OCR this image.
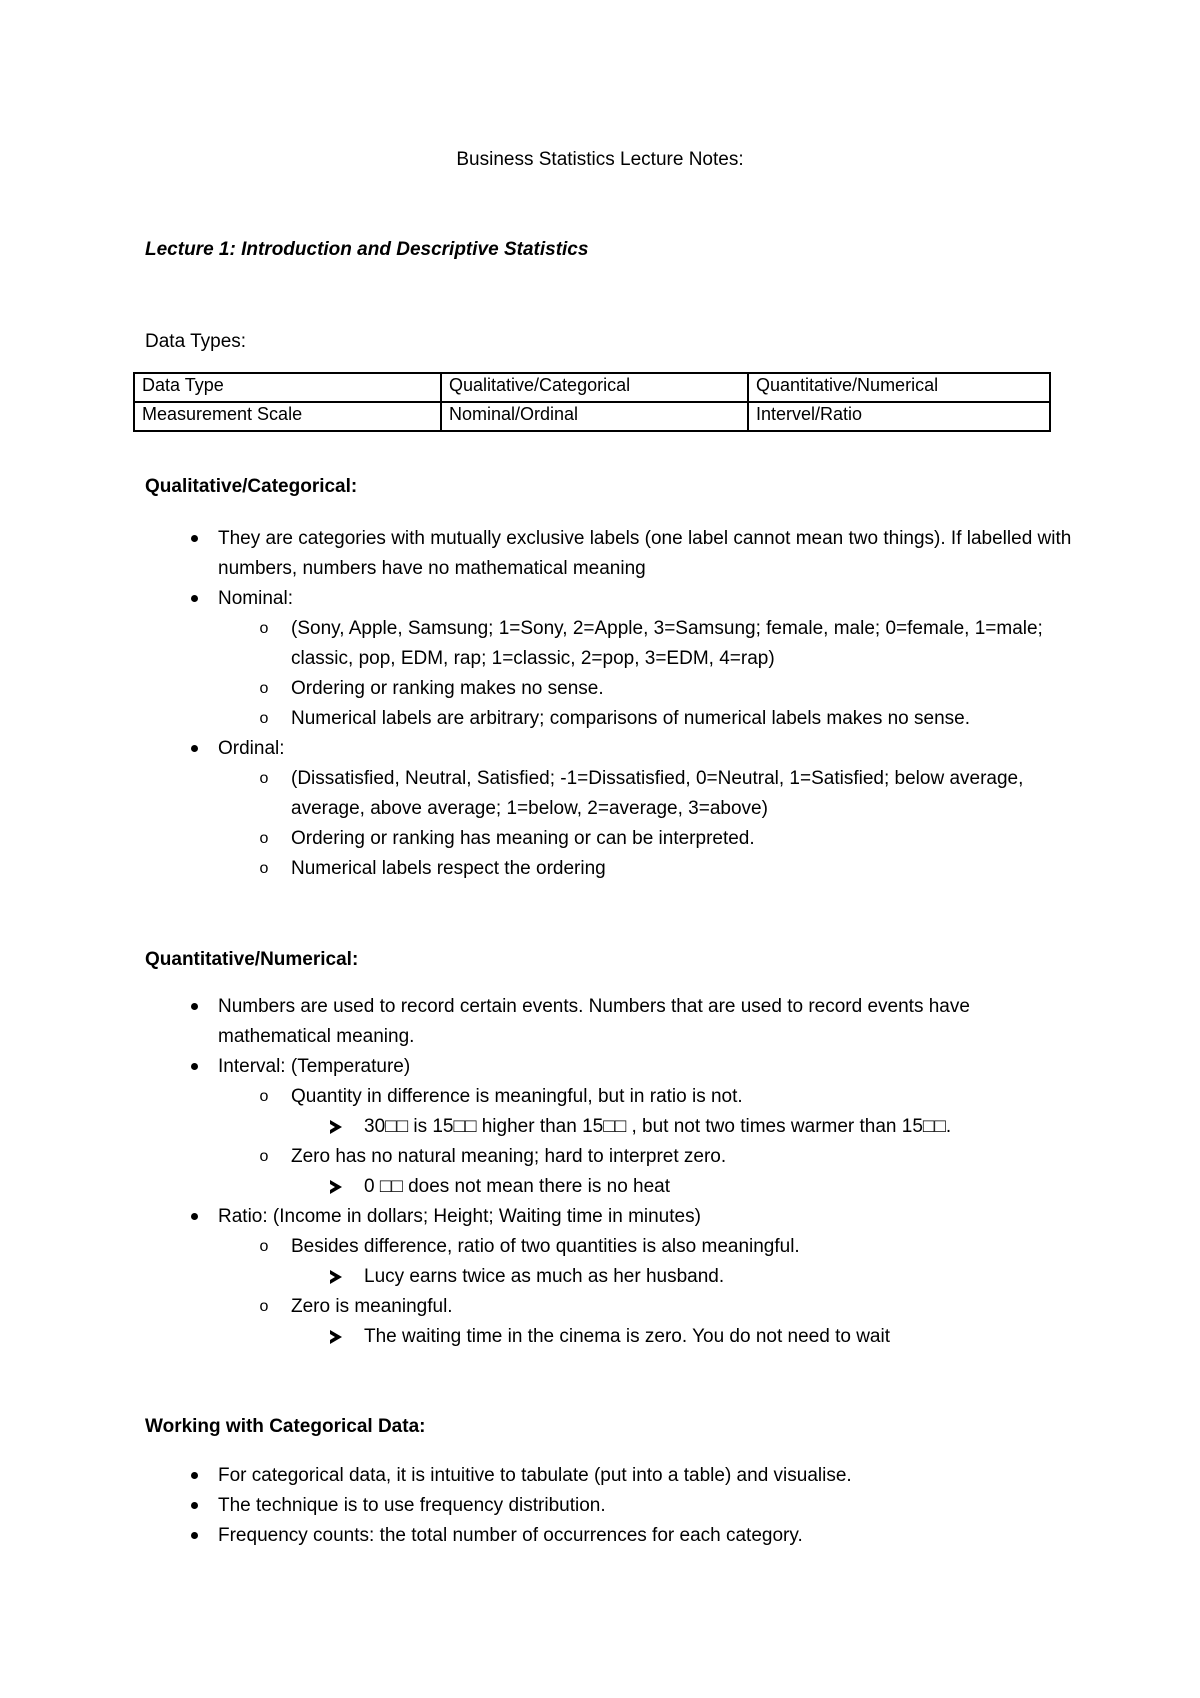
Business Statistics Lecture Notes:
Lecture 1: Introduction and Descriptive Statistics
Data Types:
Data Type	Qualitative/Categorical	Quantitative/Numerical
Measurement Scale	Nominal/Ordinal	Intervel/Ratio
Qualitative/Categorical:
They are categories with mutually exclusive labels (one label cannot mean two things). If labelled with numbers, numbers have no mathematical meaning
Nominal:
o	(Sony, Apple, Samsung; 1=Sony, 2=Apple, 3=Samsung; female, male; 0=female, 1=male; classic, pop, EDM, rap; 1=classic, 2=pop, 3=EDM, 4=rap)
o	Ordering or ranking makes no sense.
o	Numerical labels are arbitrary; comparisons of numerical labels makes no sense.
Ordinal:
o	(Dissatisfied, Neutral, Satisfied; -1=Dissatisfied, 0=Neutral, 1=Satisfied; below average, average, above average; 1=below, 2=average, 3=above)
o	Ordering or ranking has meaning or can be interpreted.
o	Numerical labels respect the ordering
Quantitative/Numerical:
Numbers are used to record certain events. Numbers that are used to record events have mathematical meaning.
Interval: (Temperature)
o	Quantity in difference is meaningful, but in ratio is not.
30□□ is 15□□ higher than 15□□ , but not two times warmer than 15□□.
o	Zero has no natural meaning; hard to interpret zero.
0 □□ does not mean there is no heat
Ratio: (Income in dollars; Height; Waiting time in minutes)
o	Besides difference, ratio of two quantities is also meaningful.
Lucy earns twice as much as her husband.
o	Zero is meaningful.
The waiting time in the cinema is zero. You do not need to wait
Working with Categorical Data:
For categorical data, it is intuitive to tabulate (put into a table) and visualise.
The technique is to use frequency distribution.
Frequency counts: the total number of occurrences for each category.
